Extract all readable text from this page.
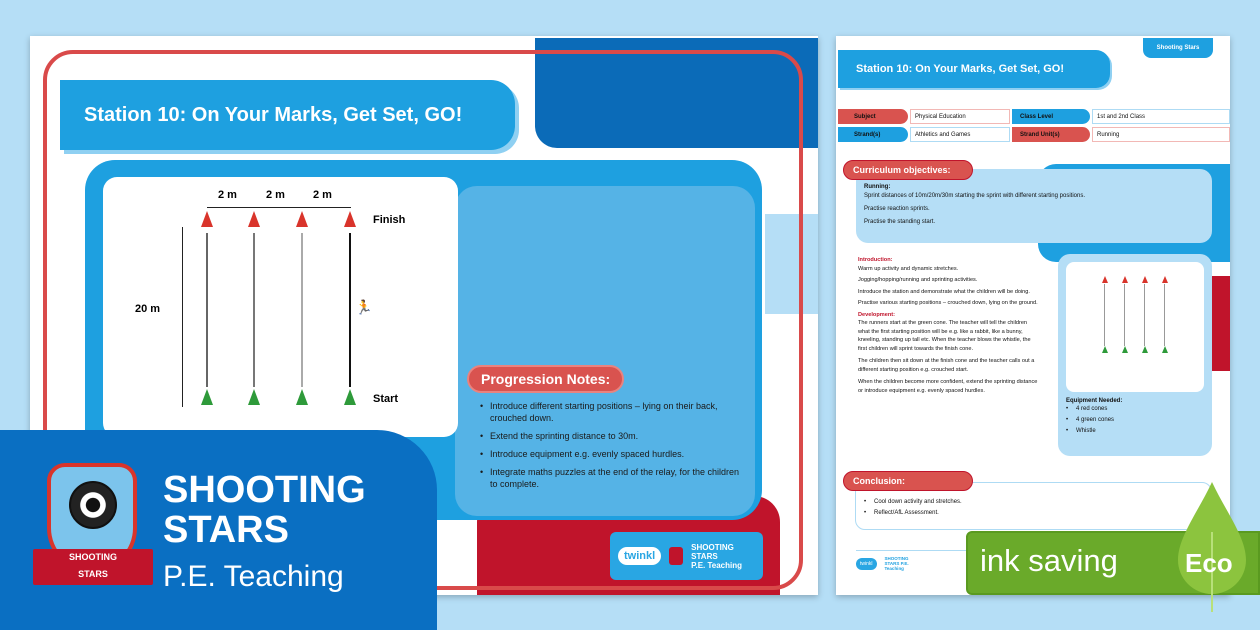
Station 10: On Your Marks, Get Set, GO!
2 m	2 m	2 m
20 m
Finish
Start
🏃
Progression Notes:
• Introduce different starting positions – lying on their back, crouched down.
• Extend the sprinting distance to 30m.
• Introduce equipment e.g. evenly spaced hurdles.
• Integrate maths puzzles at the end of the relay, for the children to complete.
twinkl
SHOOTING
STARS
P.E. Teaching
Shooting Stars
Station 10: On Your Marks, Get Set, GO!
Subject	Physical Education	Class Level	1st and 2nd Class
Strand(s)	Athletics and Games	Strand Unit(s)	Running
Running:
Sprint distances of 10m/20m/30m starting the sprint with different starting positions.
Practise reaction sprints.
Practise the standing start.
Curriculum objectives:
Introduction:
Warm up activity and dynamic stretches.
Jogging/hopping/running and sprinting activities.
Introduce the station and demonstrate what the children will be doing.
Practise various starting positions – crouched down, lying on the ground.
Development:
The runners start at the green cone. The teacher will tell the children what the first starting position will be e.g. like a rabbit, like a bunny, kneeling, standing up tall etc. When the teacher blows the whistle, the first children will sprint towards the finish cone.
The children then sit down at the finish cone and the teacher calls out a different starting position e.g. crouched start.
When the children become more confident, extend the sprinting distance or introduce equipment e.g. evenly spaced hurdles.
Equipment Needed:
• 4 red cones
• 4 green cones
• Whistle
• Cool down activity and stretches.
• Reflect/AfL Assessment.
Conclusion:
twinkl
SHOOTING STARS P.E. Teaching
SHOOTING
STARS
SHOOTING
STARS
P.E. Teaching	ink saving	Eco
